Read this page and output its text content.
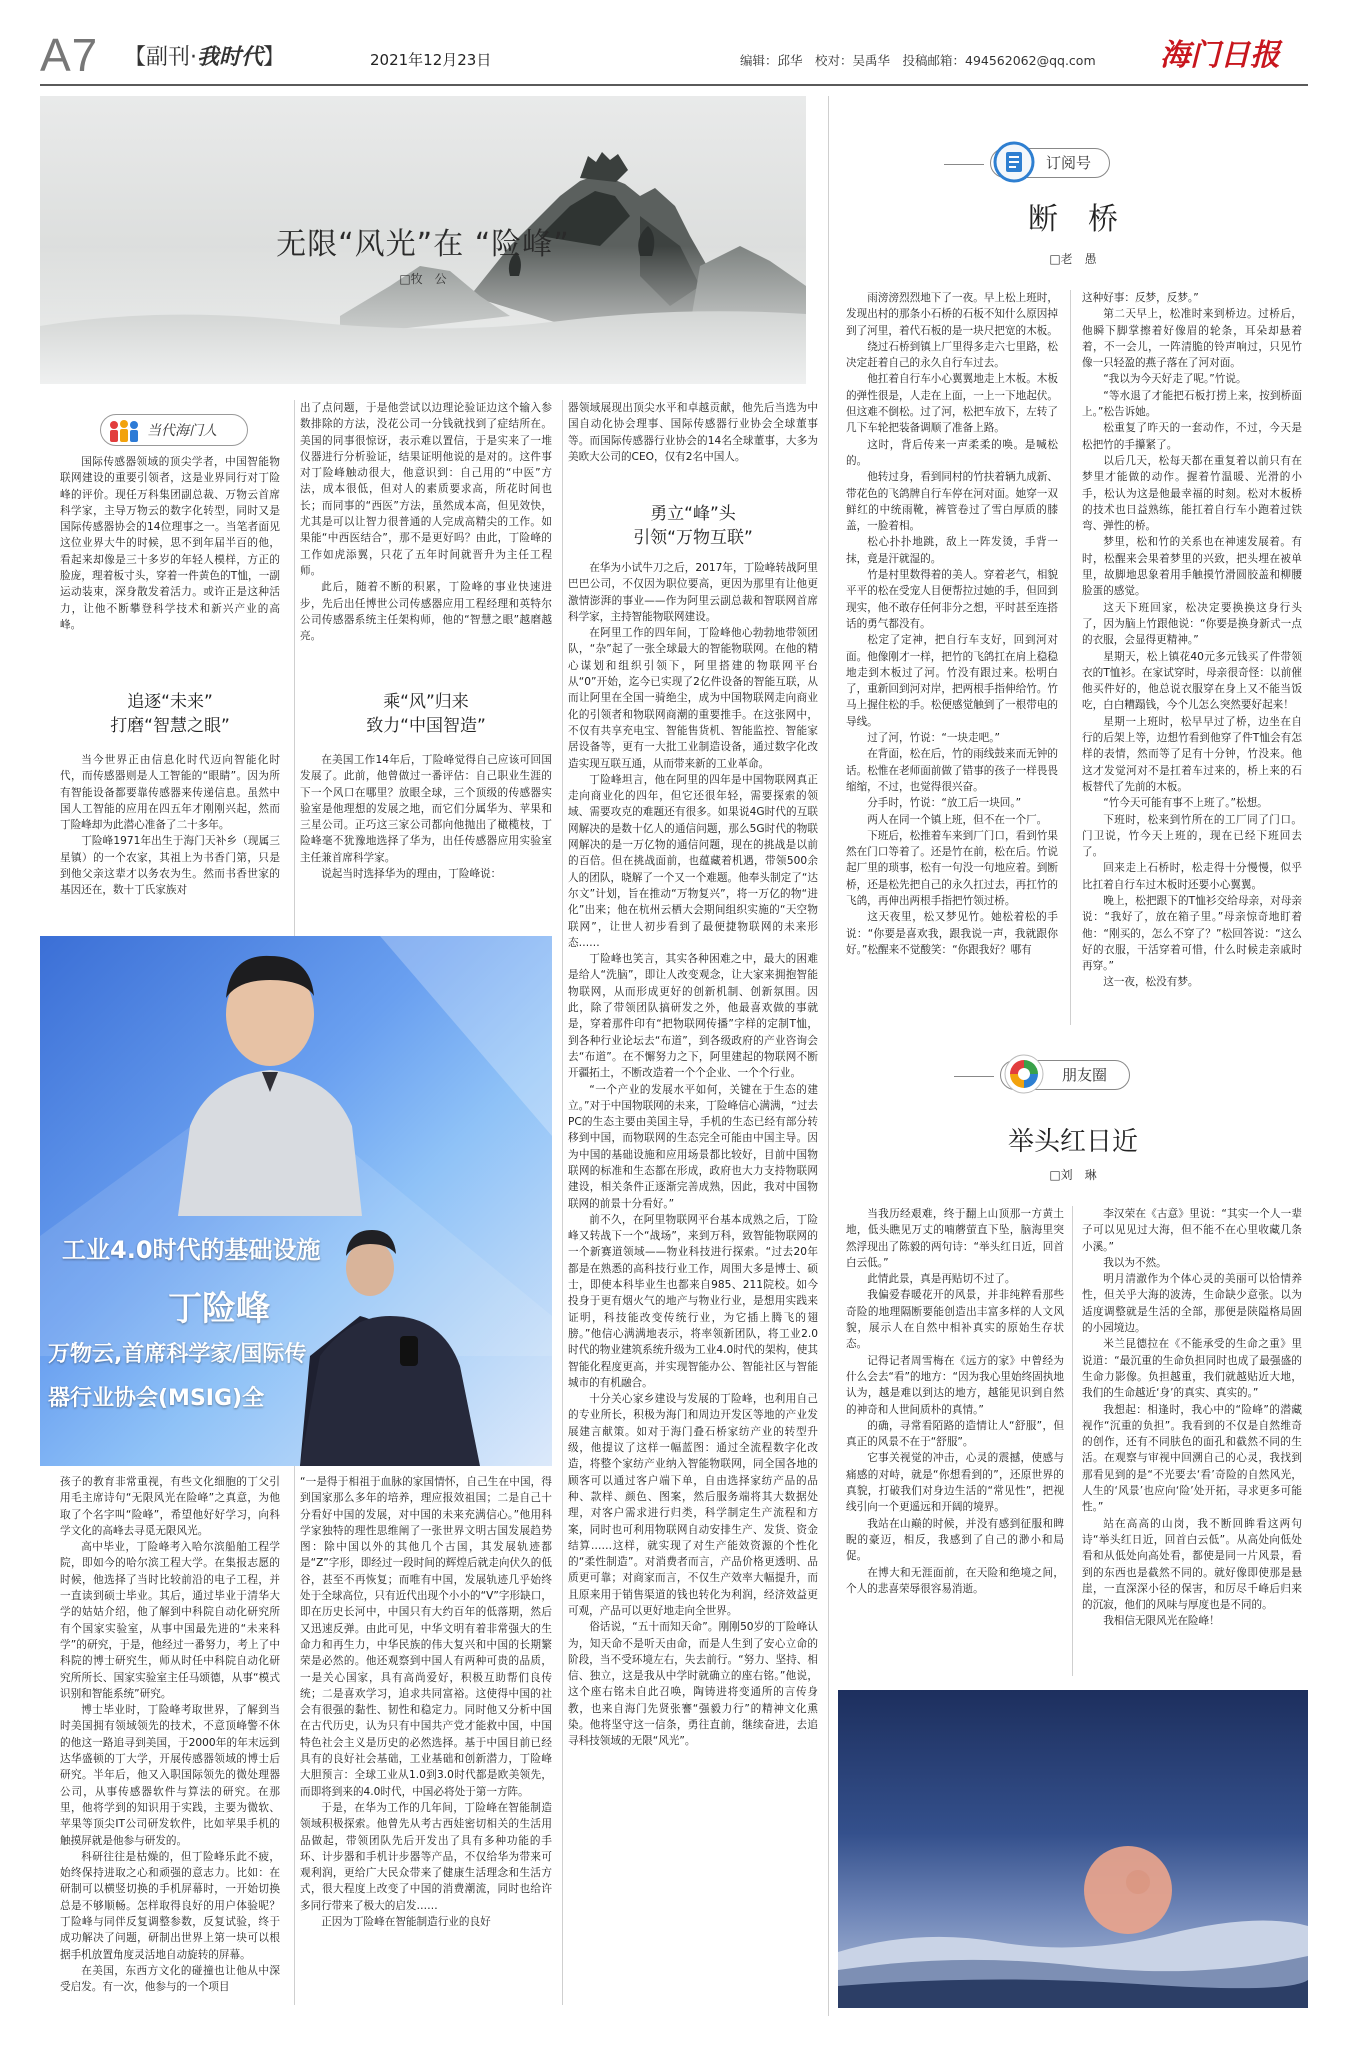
A7 【副刊·我时代】	2021年12月23日	编辑：邱华　校对：吴禹华　投稿邮箱：494562062@qq.com 海门日报
无限“风光”在 “险峰”
□牧　公
当代海门人

国际传感器领域的顶尖学者，中国智能物联网建设的重要引领者，这是业界同行对丁险峰的评价。现任万科集团副总裁、万物云首席科学家，主导万物云的数字化转型，同时又是国际传感器协会的14位理事之一。当笔者面见这位业界大牛的时候，思不到年届半百的他，看起来却像是三十多岁的年轻人模样，方正的脸庞，理着板寸头，穿着一件黄色的T恤，一副运动装束，深身散发着活力。或许正是这种活力，让他不断攀登科学技术和新兴产业的高峰。

追逐“未来”
打磨“智慧之眼”

当今世界正由信息化时代迈向智能化时代，而传感器则是人工智能的“眼睛”。因为所有智能设备都要靠传感器来传递信息。虽然中国人工智能的应用在四五年才刚刚兴起，然而丁险峰却为此潜心准备了二十多年。

丁险峰1971年出生于海门天补乡（现属三星镇）的一个农家，其祖上为书香门第，只是到他父亲这辈才以务农为生。然而书香世家的基因还在，数十丁氏家族对

工业4.0时代的基础设施
丁险峰
万物云,首席科学家/国际传
器行业协会(MSIG)全

孩子的教育非常重视，有些文化细胞的丁父引用毛主席诗句“无限风光在险峰”之真意，为他取了个名字叫“险峰”，希望他好好学习，向科学文化的高峰去寻觅无限风光。

高中毕业，丁险峰考入哈尔滨船舶工程学院，即如今的哈尔滨工程大学。在集报志愿的时候，他选择了当时比较前沿的电子工程，并一直读到硕士毕业。其后，通过毕业于清华大学的姑姑介绍，他了解到中科院自动化研究所有个国家实验室，从事中国最先进的“未来科学”的研究，于是，他经过一番努力，考上了中科院的博士研究生，师从时任中科院自动化研究所所长、国家实验室主任马颂德，从事“模式识别和智能系统”研究。

博士毕业时，丁险峰考取世界，了解到当时美国拥有领域领先的技术，不意顶峰警不休的他这一路追寻到美国，于2000年的年末远到达华盛顿的丁大学，开展传感器领域的博士后研究。半年后，他又入职国际领先的微处理器公司，从事传感器软件与算法的研究。在那里，他将学到的知识用于实践，主要为微软、苹果等顶尖IT公司研发软件，比如苹果手机的触摸屏就是他参与研发的。

科研往往是枯燥的，但丁险峰乐此不疲，始终保持进取之心和顽强的意志力。比如：在研制可以横竖切换的手机屏幕时，一开始切换总是不够顺畅。怎样取得良好的用户体验呢？丁险峰与同伴反复调整参数，反复试验，终于成功解决了问题，研制出世界上第一块可以根据手机放置角度灵活地自动旋转的屏幕。

在美国，东西方文化的碰撞也让他从中深受启发。有一次，他参与的一个项目

出了点问题，于是他尝试以边理论验证边这个输入参数排除的方法，没花公司一分钱就找到了症结所在。美国的同事很惊讶，表示难以置信，于是实来了一堆仪器进行分析验证，结果证明他说的是对的。这件事对丁险峰触动很大，他意识到：自己用的“中医”方法，成本很低，但对人的素质要求高，所花时间也长；而同事的“西医”方法，虽然成本高，但见效快，尤其是可以让智力很普通的人完成高精尖的工作。如果能“中西医结合”，那不是更好吗？由此，丁险峰的工作如虎添翼，只花了五年时间就晋升为主任工程师。

此后，随着不断的积累，丁险峰的事业快速进步，先后出任博世公司传感器应用工程经理和英特尔公司传感器系统主任架构师，他的“智慧之眼”越磨越亮。

乘“风”归来
致力“中国智造”

在美国工作14年后，丁险峰觉得自己应该可回国发展了。此前，他曾做过一番评估：自己职业生涯的下一个风口在哪里？放眼全球，三个顶级的传感器实验室是他理想的发展之地，而它们分属华为、苹果和三星公司。正巧这三家公司都向他抛出了橄榄枝，丁险峰毫不犹豫地选择了华为，出任传感器应用实验室主任兼首席科学家。

说起当时选择华为的理由，丁险峰说：

“一是得于相祖于血脉的家国情怀，自己生在中国，得到国家那么多年的培养，理应报效祖国；二是自己十分看好中国的发展，对中国的未来充满信心。”他用科学家独特的理性思维阐了一张世界文明古国发展趋势图：除中国以外的其他几个古国，其发展轨迹都是“Z”字形，即经过一段时间的辉煌后就走向伏久的低谷，甚至不再恢复；而唯有中国，发展轨迹几乎始终处于全球高位，只有近代出现个小小的“V”字形缺口，即在历史长河中，中国只有大约百年的低落期，然后又迅速反弹。由此可见，中华文明有着非常强大的生命力和再生力，中华民族的伟大复兴和中国的长期繁荣是必然的。他还观察到中国人有两种可贵的品质，一是关心国家，具有高尚爱好，积极互助帮们良传统；二是喜欢学习，追求共同富裕。这使得中国的社会有很强的黏性、韧性和稳定力。同时他又分析中国在古代历史，认为只有中国共产党才能救中国，中国特色社会主义是历史的必然选择。基于中国目前已经具有的良好社会基础，工业基础和创新潜力，丁险峰大胆预言：全球工业从1.0到3.0时代都是欧美领先，而即将到来的4.0时代，中国必将处于第一方阵。

于是，在华为工作的几年间，丁险峰在智能制造领域积极探索。他曾先从考古西娃密切相关的生活用品做起，带领团队先后开发出了具有多种功能的手环、计步器和手机计步器等产品，不仅给华为带来可观利润，更给广大民众带来了健康生活理念和生活方式，很大程度上改变了中国的消费潮流，同时也给许多同行带来了极大的启发……

正因为丁险峰在智能制造行业的良好

器领域展现出顶尖水平和卓越贡献，他先后当选为中国自动化协会理事、国际传感器行业协会全球董事等。而国际传感器行业协会的14名全球董事，大多为美欧大公司的CEO，仅有2名中国人。

勇立“峰”头
引领“万物互联”

在华为小试牛刀之后，2017年，丁险峰转战阿里巴巴公司，不仅因为职位要高，更因为那里有让他更激情澎湃的事业——作为阿里云副总裁和智联网首席科学家，主持智能物联网建设。

在阿里工作的四年间，丁险峰他心勃勃地带领团队，“杂”起了一张全球最大的智能物联网。在他的精心谋划和组织引领下，阿里搭建的物联网平台从“0”开始，迄今已实现了2亿件设备的智能互联，从而让阿里在全国一骑绝尘，成为中国物联网走向商业化的引领者和物联网商潮的重要推手。在这张网中，不仅有共享充电宝、智能售货机、智能监控、智能家居设备等，更有一大批工业制造设备，通过数字化改造实现互联互通，从而带来新的工业革命。

丁险峰坦言，他在阿里的四年是中国物联网真正走向商业化的四年，但它还很年轻，需要探索的领域、需要攻克的难题还有很多。如果说4G时代的互联网解决的是数十亿人的通信问题，那么5G时代的物联网解决的是一万亿物的通信问题，现在的挑战是以前的百倍。但在挑战面前，也蕴藏着机遇，带领500余人的团队，晓解了一个又一个难题。他奉头制定了“达尔文”计划，旨在推动“万物复兴”，将一万亿的物“进化”出来；他在杭州云栖大会期间组织实施的“天空物联网”，让世人初步看到了最便捷物联网的未来形态……

丁险峰也笑言，其实各种困难之中，最大的困难是给人“洗脑”，即让人改变观念，让大家来拥抱智能物联网，从而形成更好的创新机制、创新氛围。因此，除了带领团队搞研发之外，他最喜欢做的事就是，穿着那件印有“把物联网传播”字样的定制T恤，到各种行业论坛去“布道”，到各级政府的产业咨询会去“布道”。在不懈努力之下，阿里建起的物联网不断开疆拓土，不断改造着一个个企业、一个个行业。

“一个产业的发展水平如何，关键在于生态的建立。”对于中国物联网的未来，丁险峰信心满满，“过去PC的生态主要由美国主导，手机的生态已经有部分转移到中国，而物联网的生态完全可能由中国主导。因为中国的基础设施和应用场景都比较好，目前中国物联网的标准和生态都在形成，政府也大力支持物联网建设，相关条件正逐渐完善成熟，因此，我对中国物联网的前景十分看好。”

前不久，在阿里物联网平台基本成熟之后，丁险峰又转战下一个“战场”，来到万科，致智能物联网的一个新赛道领域——物业科技进行探索。“过去20年都是在熟悉的高科技行业工作，周围大多是博士、硕士，即使本科毕业生也都来自985、211院校。如今投身于更有烟火气的地产与物业行业，是想用实践来证明，科技能改变传统行业，为它插上腾飞的翅膀。”他信心满满地表示，将率领新团队，将工业2.0时代的物业建筑系统升级为工业4.0时代的架构，使其智能化程度更高，并实现智能办公、智能社区与智能城市的有机融合。

十分关心家乡建设与发展的丁险峰，也利用自己的专业所长，积极为海门和周边开发区等地的产业发展建言献策。如对于海门叠石桥家纺产业的转型升级，他提议了这样一幅蓝图：通过全流程数字化改造，将整个家纺产业纳入智能物联网，同全国各地的顾客可以通过客户端下单，自由选择家纺产品的品种、款样、颜色、图案，然后服务端将其大数据处理，对客户需求进行归类，科学制定生产流程和方案，同时也可利用物联网自动安排生产、发货、资金结算……这样，就实现了对生产能效资源的个性化的“柔性制造”。对消费者而言，产品价格更透明、品质更可靠；对商家而言，不仅生产效率大幅提升，而且原来用于销售渠道的钱也转化为利润，经济效益更可观，产品可以更好地走向全世界。

俗话说，“五十而知天命”。刚刚50岁的丁险峰认为，知天命不是听天由命，而是人生到了安心立命的阶段，当不受环境左右，失去前行。“努力、坚持、相信、独立，这是我从中学时就确立的座右铭。”他说，这个座右铭未自此召唤，陶铸进将变通所的言传身教，也来自海门先贤张謇“强毅力行”的精神文化熏染。他将坚守这一信条，勇往直前，继续奋进，去追寻科技领域的无限“风光”。

订阅号
断　桥
□老　愚

雨滂滂烈烈地下了一夜。早上松上班时，发现出村的那条小石桥的石板不知什么原因掉到了河里，着代石板的是一块尺把宽的木板。

绕过石桥到镇上厂里得多走六七里路，松决定赶着自己的永久自行车过去。

他扛着自行车小心翼翼地走上木板。木板的弹性很是，人走在上面，一上一下地起伏。但这难不倒松。过了河，松把车放下，左转了几下车轮把装备调顺了准备上路。

这时，背后传来一声柔柔的唤。是喊松的。

他转过身，看到同村的竹扶着辆九成新、带花色的飞鸽牌自行车停在河对面。她穿一双鲜红的中统雨靴，裤管卷过了雪白厚质的膝盖，一脸着相。

松心扑扑地跳，敌上一阵发烫，手背一抹，竟是汗就湿的。

竹是村里数得着的美人。穿着老气，相貌平平的松在受宠人目便帮拉过她的手，但回到现实，他不敢存任何非分之想，平时甚至连搭话的勇气都没有。

松定了定神，把自行车支好，回到河对面。他像刚才一样，把竹的飞鸽扛在肩上稳稳地走到木板过了河。竹没有跟过来。松明白了，重新回到河对岸，把两根手指伸给竹。竹马上握住松的手。松便感觉触到了一根带电的导线。

过了河，竹说：“一块走吧。”

在背面，松在后，竹的雨线鼓来而无钟的话。松惟在老师面前做了错事的孩子一样畏畏缩缩，不过，也觉得很兴奋。

分手时，竹说：“放工后一块回。”

两人在同一个镇上班，但不在一个厂。

下班后，松推着车来到厂门口，看到竹果然在门口等着了。还是竹在前，松在后。竹说起厂里的琐事，松有一句没一句地应着。到断桥，还是松先把自己的永久扛过去，再扛竹的飞鸽，再伸出两根手指把竹领过桥。

这天夜里，松又梦见竹。她松着松的手说：“你要是喜欢我，跟我说一声，我就跟你好。”松醒来不觉酸笑：“你跟我好？哪有

这种好事：反梦，反梦。”

第二天早上，松准时来到桥边。过桥后，他瞬下脚掌擦着好像眉的轮条，耳朵却悬着着，不一会儿，一阵清脆的铃声响过，只见竹像一只轻盈的燕子落在了河对面。

“我以为今天好走了呢。”竹说。

“等水退了才能把石板打捞上来，按到桥面上。”松告诉她。

松重复了昨天的一套动作，不过，今天是松把竹的手攥紧了。

以后几天，松每天都在重复着以前只有在梦里才能做的动作。握着竹温暖、光滑的小手，松认为这是他最幸福的时刻。松对木板桥的技术也日益熟练，能扛着自行车小跑着过铁弯、弹性的桥。

梦里，松和竹的关系也在神速发展着。有时，松醒来会果着梦里的兴致，把头埋在被单里，故脚地思象着用手触摸竹滑圆胶盖和柳腰脸蛋的感觉。

这天下班回家，松决定要换换这身行头了，因为脑上竹跟他说：“你要是换身新式一点的衣服，会显得更精神。”

星期天，松上镇花40元多元钱买了件带领衣的T恤衫。在家试穿时，母亲很奇怪：以前催他买件好的，他总说衣服穿在身上又不能当饭吃，白白糟蹋钱，今个儿怎么突然要好起来！

星期一上班时，松早早过了桥，边坐在自行的后架上等，边想竹看到他穿了件T恤会有怎样的表情，然而等了足有十分钟，竹没来。他这才发觉河对不是扛着车过来的，桥上来的石板替代了先前的木板。

“竹今天可能有事不上班了。”松想。

下班时，松来到竹所在的工厂同了门口。门卫说，竹今天上班的，现在已经下班回去了。

回来走上石桥时，松走得十分慢慢，似乎比扛着自行车过木板时还要小心翼翼。

晚上，松把跟下的T恤衫交给母亲，对母亲说：“我好了，放在箱子里。”母亲惊奇地盯着他：“刚买的，怎么不穿了？”松回答说：“这么好的衣服，干活穿着可惜，什么时候走亲戚时再穿。”

这一夜，松没有梦。

朋友圈
举头红日近
□刘　琳

当我历经艰难，终于翻上山顶那一方黄土地，低头瞧见万丈的喃蘑萤直下坠，脑海里突然浮现出了陈毅的两句诗：“举头红日近，回首白云低。”

此情此景，真是再贴切不过了。

我偏爱春暖花开的风景，并非纯粹看那些奇险的地理隔断要能创造出丰富多样的人文风貌，展示人在自然中相补真实的原始生存状态。

记得记者周雪梅在《远方的家》中曾经为什么会去“看”的地方：“因为我心里始终固执地认为，越是难以到达的地方，越能见识到自然的神奇和人世间质朴的真情。”

的确，寻常看陌路的造情让人“舒服”，但真正的风景不在于“舒服”。

它事关视觉的冲击，心灵的震撼，使感与痛感的对峙，就是“你想看到的”，还原世界的真貌，打破我们对身边生活的“常见性”，把视线引向一个更遥远和开阔的境界。

我站在山巅的时候，并没有感到征服和睥睨的豪迈，相反，我感到了自己的渺小和局促。

在博大和无涯面前，在天险和绝境之间，个人的悲喜荣辱很容易消逝。

李汉荣在《古意》里说：“其实一个人一辈子可以见见过大海，但不能不在心里收藏几条小溪。”

我以为不然。

明月清澈作为个体心灵的美丽可以恰情养性，但关乎大海的波涛，生命缺少意张。以为适度调整就是生活的全部，那便是陕隘格局固的小园境边。

米兰昆德拉在《不能承受的生命之重》里说道：“最沉重的生命负担同时也成了最强盛的生命力影像。负担越重，我们就越贴近大地，我们的生命越近‘身’的真实、真实的。”

我想起：相逢时，我心中的“险峰”的潜藏视作“沉重的负担”。我看到的不仅是自然维奇的创作，还有不同肤色的面孔和截然不同的生活。在观察与审视中回溯自己的心灵，我找到那看见到的是“不光要去‘看’奇险的自然风光，人生的‘风景’也应向‘险’处开拓，寻求更多可能性。”

站在高高的山岗，我不断回眸看这两句诗“举头红日近，回首白云低”。从高处向低处看和从低处向高处看，都使是同一片风景，看到的东西也是截然不同的。就好像即使那是悬崖，一直深深小径的保害，和厉尽千峰后归来的沉寂，他们的风味与厚度也是不同的。

我相信无限风光在险峰！
